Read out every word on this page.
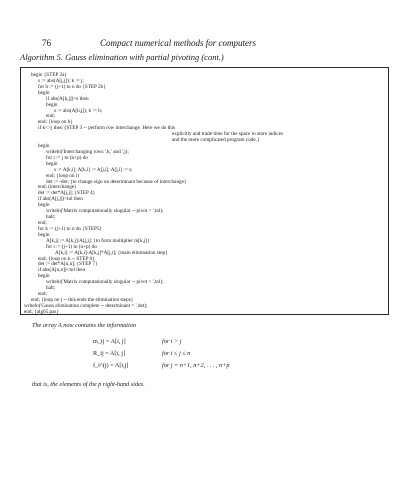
76	Compact numerical methods for computers
Algorithm 5. Gauss elimination with partial pivoting (cont.)
The array A now contains the information
m_ij = A[i, j]	for i > j
R_ij = A[i, j]	for i ≤ j ≤ n
f_i^(j) = A[i,j]	for j = n+1, n+2, . . . , n+p
that is, the elements of the p right-hand sides.
begin {STEP 2a}
s := abs(A[j,j]); k := j;
for h := (j+1) to n do {STEP 2b}
begin
if abs(A[h,j])>s then
begin
s := abs(A[h,j]); k := h;
end;
end; {loop on h}
if k<>j then {STEP 3 -- perform row interchange. Here we do this
explicitly and trade time for the space to store indices
and the more complicated program code.}
begin
writeln('Interchanging rows ',k,' and ',j);
for i := j to (n+p) do
begin
s := A[k,i]; A[k,i] := A[j,i]; A[j,i] := s;
end; {loop on i}
det := -det; {to change sign on determinant because of interchange}
end; (interchange)
det := det*A[j,j]; {STEP 4}
if abs(A[j,j])<tol then
begin
writeln('Matrix computationally singular -- pivot < ',tol);
halt;
end;
for k := (j+1) to n do {STEP5}
begin
A[k,j] := A[k,j]/A[j,j]; {to form multiplier m[k,j]}
for i := (j+1) to (n+p) do
A[k,i] := A[k,i]-A[k,j]*A[j,i]; {main elimination step}
end; {loop on k -- STEP 6}
det := det*A[n,n]; {STEP 7}
if abs(A[n,n])<tol then
begin
writeln('Matrix computationally singular -- pivot < ',tol);
halt;
end;
end; {loop on j -- this ends the elimination steps}
writeln('Gauss elimination complete -- determinant = ',det);
end; {alg05.pas}
